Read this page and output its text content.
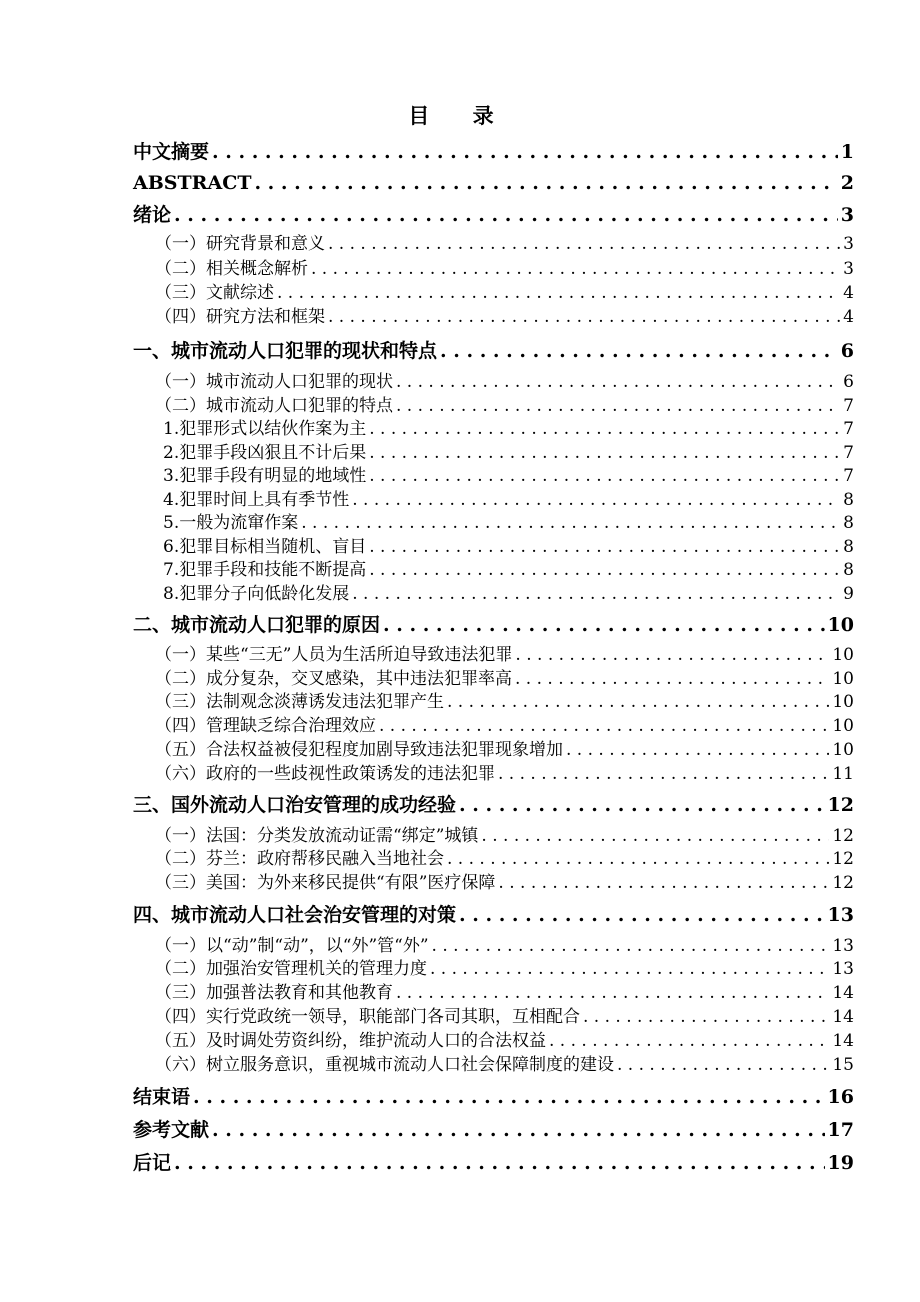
目 录
中文摘要 . . .	1
ABSTRACT . . .	2
绪论 . . .	3
（一）研究背景和意义 . . .	3
（二）相关概念解析 . . .	3
（三）文献综述 . . .	4
（四）研究方法和框架 . . .	4
一、城市流动人口犯罪的现状和特点 . . .	6
（一）城市流动人口犯罪的现状 . . .	6
（二）城市流动人口犯罪的特点 . . .	7
1.犯罪形式以结伙作案为主 . . .	7
2.犯罪手段凶狠且不计后果 . . .	7
3.犯罪手段有明显的地域性 . . .	7
4.犯罪时间上具有季节性 . . .	8
5.一般为流窜作案 . . .	8
6.犯罪目标相当随机、盲目 . . .	8
7.犯罪手段和技能不断提高 . . .	8
8.犯罪分子向低龄化发展 . . .	9
二、城市流动人口犯罪的原因 . . .	10
（一）某些“三无”人员为生活所迫导致违法犯罪 . . .	10
（二）成分复杂，交叉感染，其中违法犯罪率高 . . .	10
（三）法制观念淡薄诱发违法犯罪产生 . . .	10
（四）管理缺乏综合治理效应 . . .	10
（五）合法权益被侵犯程度加剧导致违法犯罪现象增加 . . .	10
（六）政府的一些歧视性政策诱发的违法犯罪 . . .	11
三、国外流动人口治安管理的成功经验 . . .	12
（一）法国：分类发放流动证需“绑定”城镇 . . .	12
（二）芬兰：政府帮移民融入当地社会 . . .	12
（三）美国：为外来移民提供“有限”医疗保障 . . .	12
四、城市流动人口社会治安管理的对策 . . .	13
（一）以“动”制“动”，以“外”管“外” . . .	13
（二）加强治安管理机关的管理力度 . . .	13
（三）加强普法教育和其他教育 . . .	14
（四）实行党政统一领导，职能部门各司其职，互相配合 . . .	14
（五）及时调处劳资纠纷，维护流动人口的合法权益 . . .	14
（六）树立服务意识，重视城市流动人口社会保障制度的建设 . . .	15
结束语 . . .	16
参考文献 . . .	17
后记 . . .	19
